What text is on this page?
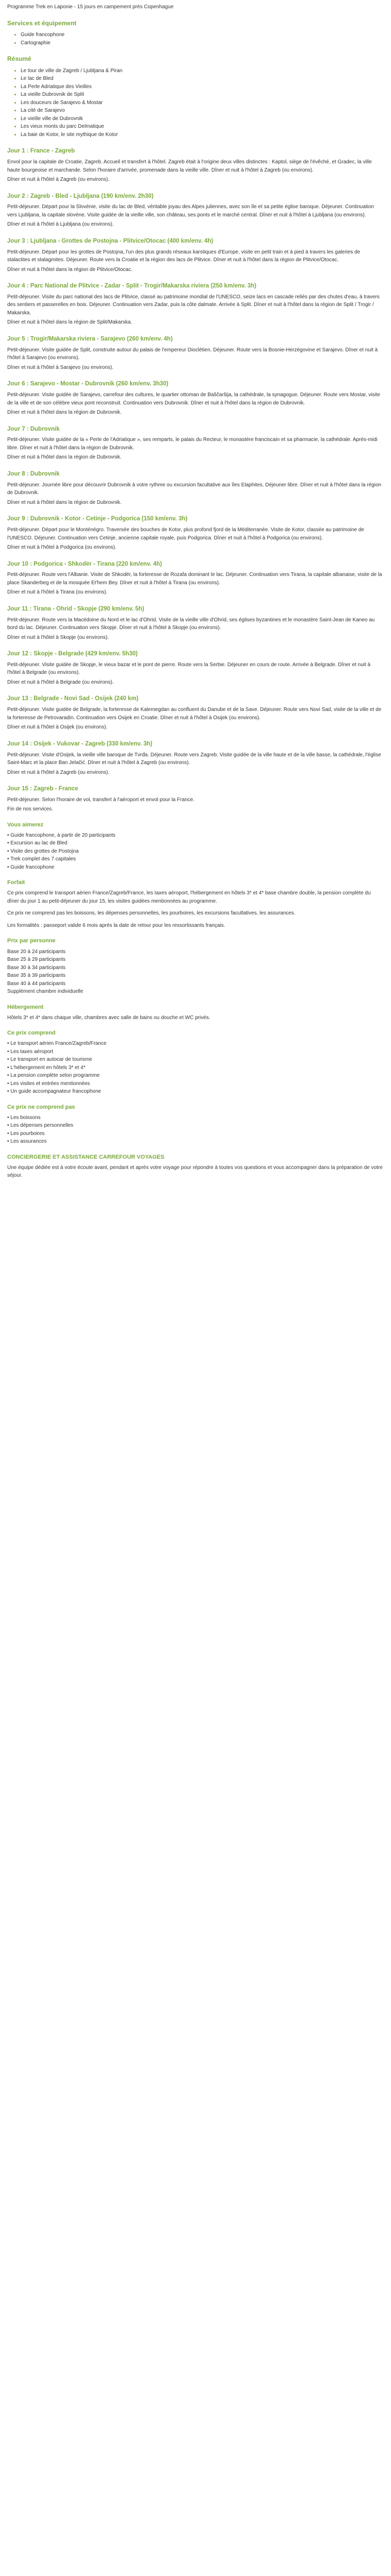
Programme Trek en Laponie - 15 jours en campement près Copenhague
Services et équipement
• Guide francophone
• Cartographie
Résumé
• Le tour de ville de Zagreb / Ljubljana & Piran
• Le lac de Bled
• La Perle Adriatique des Vieilles
• La vieille Dubrovnik de Split
• Les douceurs de Sarajevo & Mostar
• La cité de Sarajevo
• Le vieille ville de Dubrovnik
• Les vieux monts du parc Delmatique
• La baie de Kotor, le site mythique de Kotor
Jour 1 : France - Zagreb

Envol pour la capitale de Croatie, Zagreb. Accueil et transfert à l'hôtel. Zagreb était à l'origine deux villes distinctes : Kaptol, siège de l'évêché, et Gradec, la ville haute bourgeoise et marchande. Selon l'horaire d'arrivée, promenade dans la vieille ville. Dîner et nuit à l'hôtel à Zagreb (ou environs).

Dîner et nuit à l'hôtel à Zagreb (ou environs).

Jour 2 : Zagreb - Bled - Ljubljana (190 km/env. 2h30)

Petit-déjeuner. Départ pour la Slovénie, visite du lac de Bled, véritable joyau des Alpes juliennes, avec son île et sa petite église baroque. Déjeuner. Continuation vers Ljubljana, la capitale slovène. Visite guidée de la vieille ville, son château, ses ponts et le marché central. Dîner et nuit à l'hôtel à Ljubljana (ou environs).

Dîner et nuit à l'hôtel à Ljubljana (ou environs).

Jour 3 : Ljubljana - Grottes de Postojna - Plitvice/Otocac (400 km/env. 4h)

Petit-déjeuner. Départ pour les grottes de Postojna, l'un des plus grands réseaux karstiques d'Europe, visite en petit train et à pied à travers les galeries de stalactites et stalagmites. Déjeuner. Route vers la Croatie et la région des lacs de Plitvice. Dîner et nuit à l'hôtel dans la région de Plitvice/Otocac.

Dîner et nuit à l'hôtel dans la région de Plitvice/Otocac.

Jour 4 : Parc National de Plitvice - Zadar - Split - Trogir/Makarska riviera (250 km/env. 3h)

Petit-déjeuner. Visite du parc national des lacs de Plitvice, classé au patrimoine mondial de l'UNESCO, seize lacs en cascade reliés par des chutes d'eau, à travers des sentiers et passerelles en bois. Déjeuner. Continuation vers Zadar, puis la côte dalmate. Arrivée à Split. Dîner et nuit à l'hôtel dans la région de Split / Trogir / Makarska.

Dîner et nuit à l'hôtel dans la région de Split/Makarska.

Jour 5 : Trogir/Makarska riviera - Sarajevo (260 km/env. 4h)

Petit-déjeuner. Visite guidée de Split, construite autour du palais de l'empereur Dioclétien. Déjeuner. Route vers la Bosnie-Herzégovine et Sarajevo. Dîner et nuit à l'hôtel à Sarajevo (ou environs).

Dîner et nuit à l'hôtel à Sarajevo (ou environs).

Jour 6 : Sarajevo - Mostar - Dubrovnik (260 km/env. 3h30)

Petit-déjeuner. Visite guidée de Sarajevo, carrefour des cultures, le quartier ottoman de Baščaršija, la cathédrale, la synagogue. Déjeuner. Route vers Mostar, visite de la ville et de son célèbre vieux pont reconstruit. Continuation vers Dubrovnik. Dîner et nuit à l'hôtel dans la région de Dubrovnik.

Dîner et nuit à l'hôtel dans la région de Dubrovnik.

Jour 7 : Dubrovnik

Petit-déjeuner. Visite guidée de la « Perle de l'Adriatique », ses remparts, le palais du Recteur, le monastère franciscain et sa pharmacie, la cathédrale. Après-midi libre. Dîner et nuit à l'hôtel dans la région de Dubrovnik.

Dîner et nuit à l'hôtel dans la région de Dubrovnik.

Jour 8 : Dubrovnik

Petit-déjeuner. Journée libre pour découvrir Dubrovnik à votre rythme ou excursion facultative aux îles Elaphites. Déjeuner libre. Dîner et nuit à l'hôtel dans la région de Dubrovnik.

Dîner et nuit à l'hôtel dans la région de Dubrovnik.

Jour 9 : Dubrovnik - Kotor - Cetinje - Podgorica (150 km/env. 3h)

Petit-déjeuner. Départ pour le Monténégro. Traversée des bouches de Kotor, plus profond fjord de la Méditerranée. Visite de Kotor, classée au patrimoine de l'UNESCO. Déjeuner. Continuation vers Cetinje, ancienne capitale royale, puis Podgorica. Dîner et nuit à l'hôtel à Podgorica (ou environs).

Dîner et nuit à l'hôtel à Podgorica (ou environs).

Jour 10 : Podgorica - Shkodër - Tirana (220 km/env. 4h)

Petit-déjeuner. Route vers l'Albanie. Visite de Shkodër, la forteresse de Rozafa dominant le lac. Déjeuner. Continuation vers Tirana, la capitale albanaise, visite de la place Skanderbeg et de la mosquée Et'hem Bey. Dîner et nuit à l'hôtel à Tirana (ou environs).

Dîner et nuit à l'hôtel à Tirana (ou environs).

Jour 11 : Tirana - Ohrid - Skopje (290 km/env. 5h)

Petit-déjeuner. Route vers la Macédoine du Nord et le lac d'Ohrid. Visite de la vieille ville d'Ohrid, ses églises byzantines et le monastère Saint-Jean de Kaneo au bord du lac. Déjeuner. Continuation vers Skopje. Dîner et nuit à l'hôtel à Skopje (ou environs).

Dîner et nuit à l'hôtel à Skopje (ou environs).

Jour 12 : Skopje - Belgrade (429 km/env. 5h30)

Petit-déjeuner. Visite guidée de Skopje, le vieux bazar et le pont de pierre. Route vers la Serbie. Déjeuner en cours de route. Arrivée à Belgrade. Dîner et nuit à l'hôtel à Belgrade (ou environs).

Dîner et nuit à l'hôtel à Belgrade (ou environs).

Jour 13 : Belgrade - Novi Sad - Osijek (240 km)

Petit-déjeuner. Visite guidée de Belgrade, la forteresse de Kalemegdan au confluent du Danube et de la Save. Déjeuner. Route vers Novi Sad, visite de la ville et de la forteresse de Petrovaradin. Continuation vers Osijek en Croatie. Dîner et nuit à l'hôtel à Osijek (ou environs).

Dîner et nuit à l'hôtel à Osijek (ou environs).

Jour 14 : Osijek - Vukovar - Zagreb (330 km/env. 3h)

Petit-déjeuner. Visite d'Osijek, la vieille ville baroque de Tvrđa. Déjeuner. Route vers Zagreb. Visite guidée de la ville haute et de la ville basse, la cathédrale, l'église Saint-Marc et la place Ban Jelačić. Dîner et nuit à l'hôtel à Zagreb (ou environs).

Dîner et nuit à l'hôtel à Zagreb (ou environs).

Jour 15 : Zagreb - France

Petit-déjeuner. Selon l'horaire de vol, transfert à l'aéroport et envol pour la France.

Fin de nos services.

Vous aimerez
• Guide francophone, à partir de 20 participants
• Excursion au lac de Bled
• Visite des grottes de Postojna
• Trek complet des 7 capitales
• Guide francophone
Forfait

Ce prix comprend le transport aérien France/Zagreb/France, les taxes aéroport, l'hébergement en hôtels 3* et 4* base chambre double, la pension complète du dîner du jour 1 au petit-déjeuner du jour 15, les visites guidées mentionnées au programme.

Ce prix ne comprend pas les boissons, les dépenses personnelles, les pourboires, les excursions facultatives, les assurances.

Les formalités : passeport valide 6 mois après la date de retour pour les ressortissants français.

Prix par personne
Base 20 à 24 participants
Base 25 à 29 participants
Base 30 à 34 participants
Base 35 à 39 participants
Base 40 à 44 participants
Supplément chambre individuelle
Hébergement

Hôtels 3* et 4* dans chaque ville, chambres avec salle de bains ou douche et WC privés.

Ce prix comprend
• Le transport aérien France/Zagreb/France
• Les taxes aéroport
• Le transport en autocar de tourisme
• L'hébergement en hôtels 3* et 4*
• La pension complète selon programme
• Les visites et entrées mentionnées
• Un guide accompagnateur francophone
Ce prix ne comprend pas
• Les boissons
• Les dépenses personnelles
• Les pourboires
• Les assurances
CONCIERGERIE ET ASSISTANCE CARREFOUR VOYAGES

Une équipe dédiée est à votre écoute avant, pendant et après votre voyage pour répondre à toutes vos questions et vous accompagner dans la préparation de votre séjour.
